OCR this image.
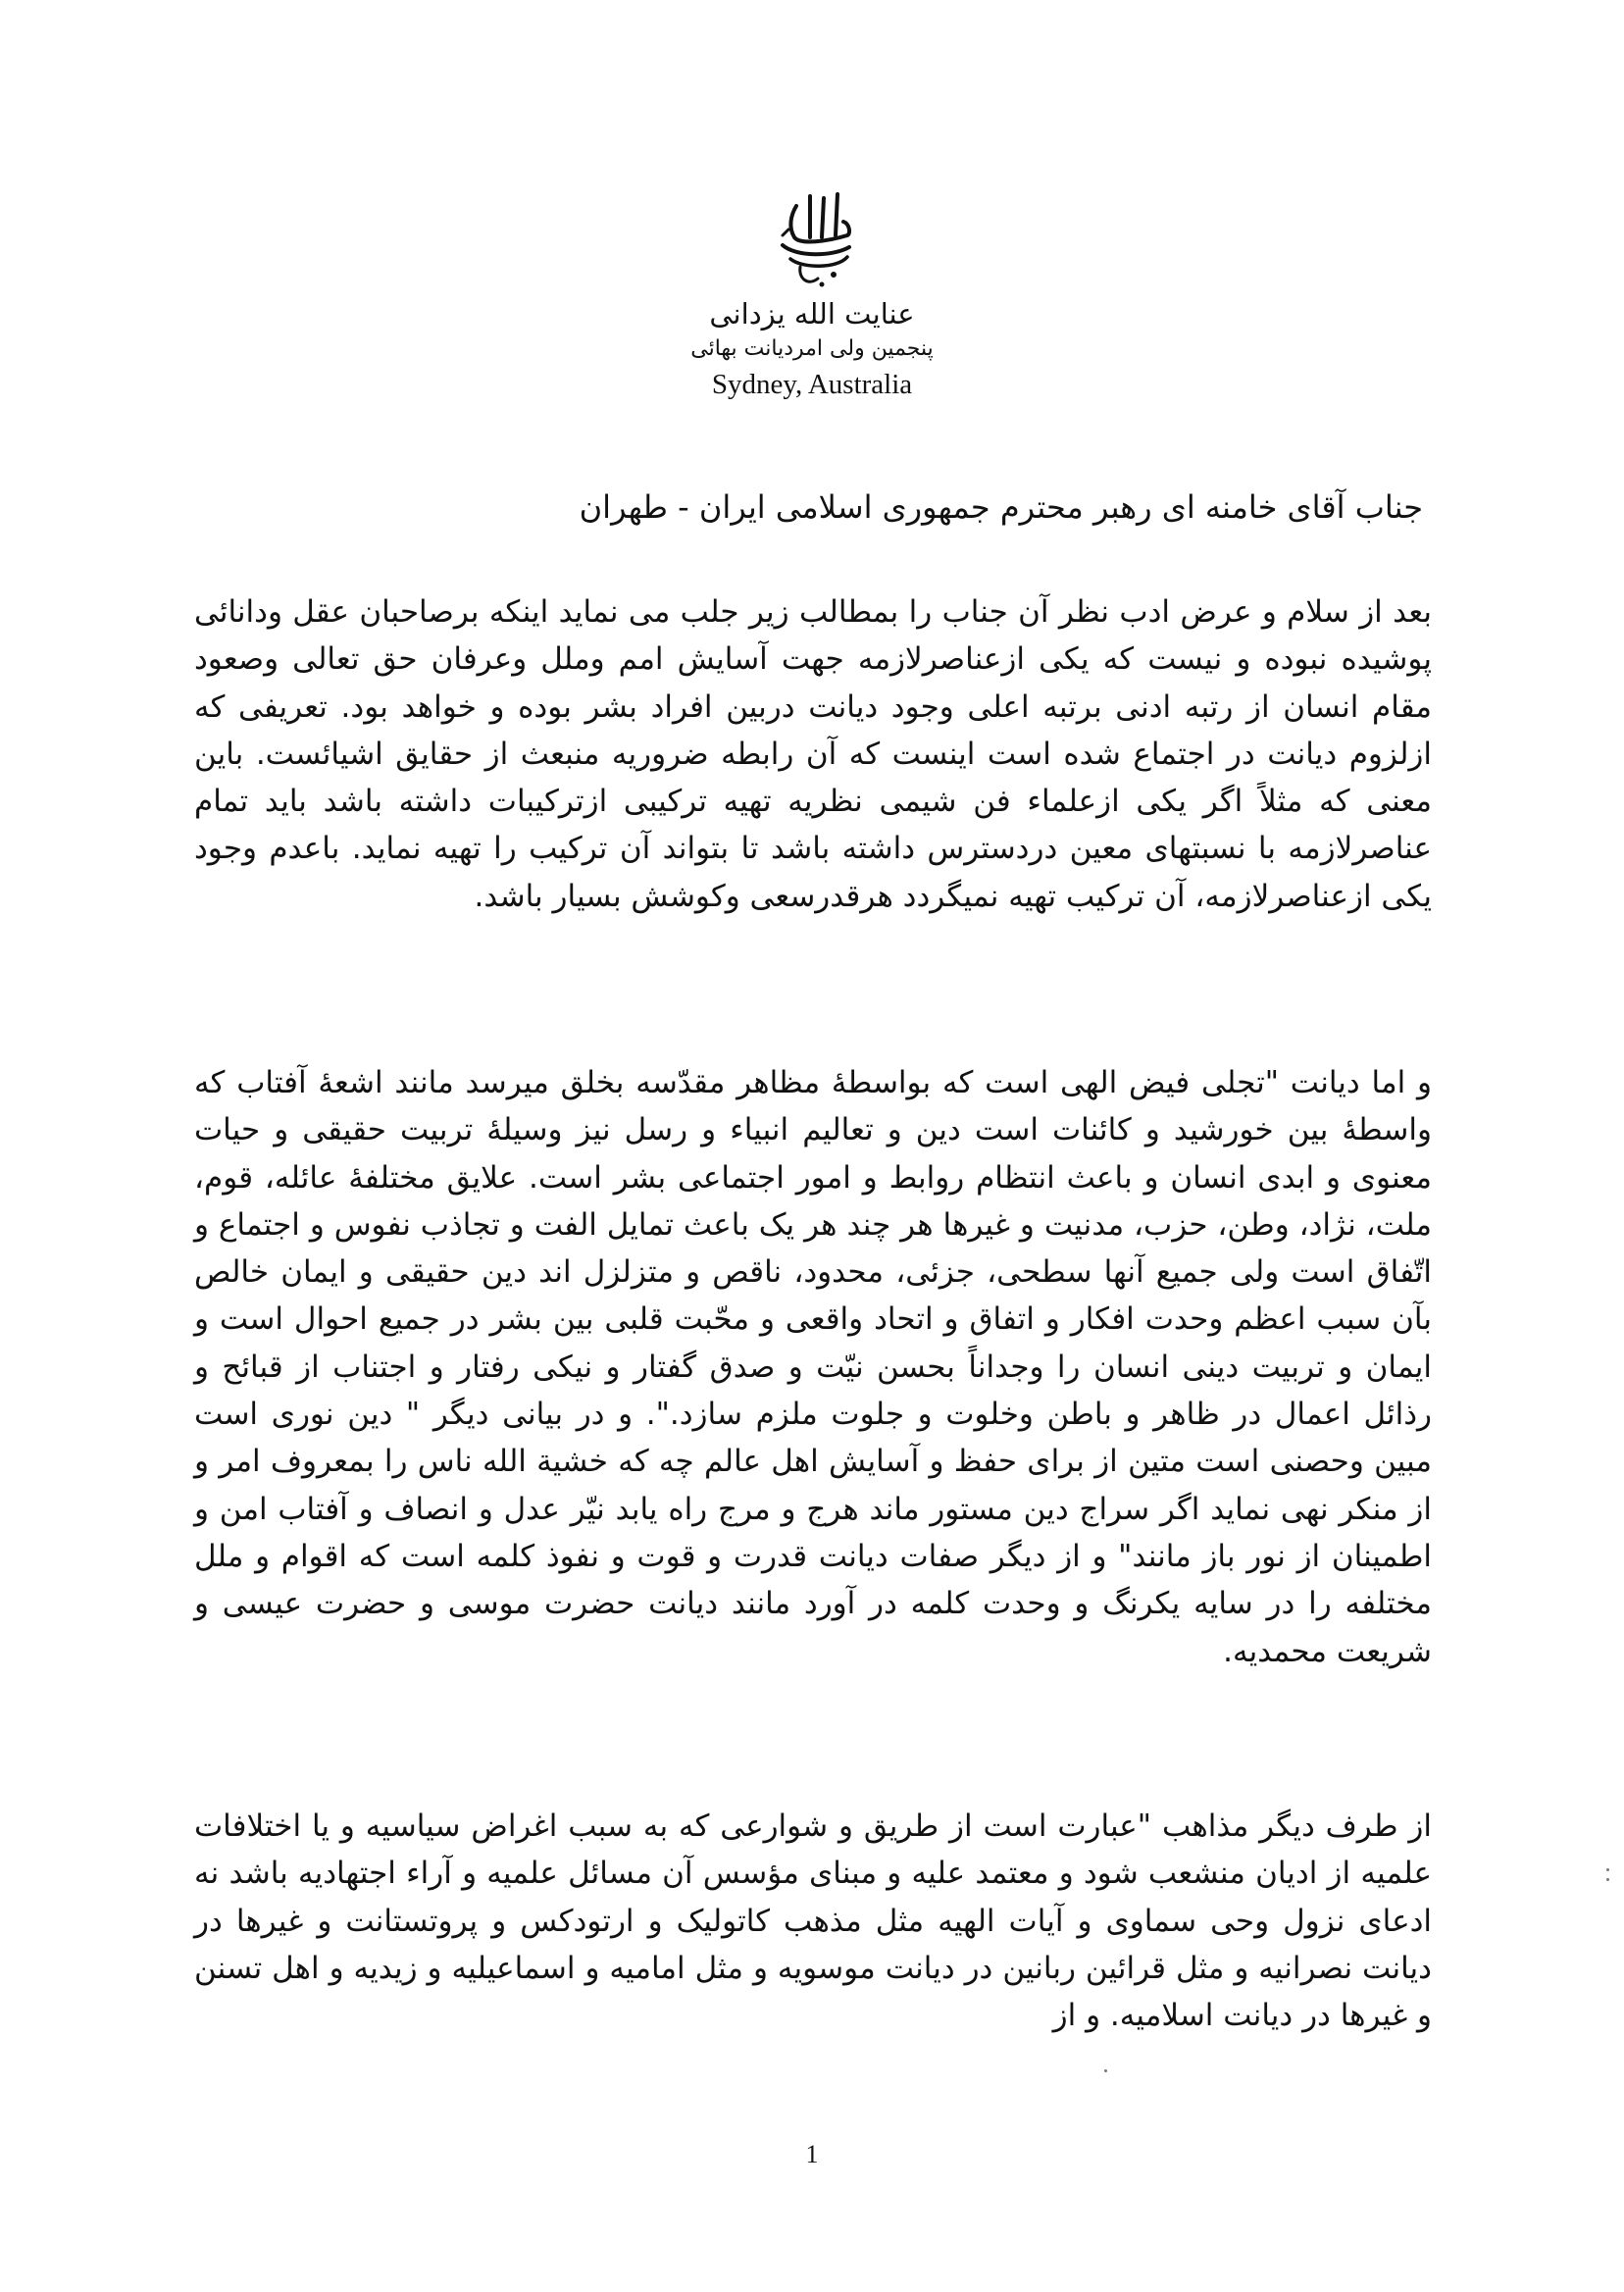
عنایت الله یزدانی
پنجمین ولی امردیانت بهائی
Sydney, Australia
جناب آقای خامنه ای رهبر محترم جمهوری اسلامی ایران - طهران

بعد از سلام و عرض ادب نظر آن جناب را بمطالب زیر جلب می نماید اینکه برصاحبان عقل ودانائی پوشیده نبوده و نیست که یکی ازعناصرلازمه جهت آسایش امم وملل وعرفان حق تعالی وصعود مقام انسان از رتبه ادنی برتبه اعلی وجود دیانت دربین افراد بشر بوده و خواهد بود. تعریفی که ازلزوم دیانت در اجتماع شده است اینست که آن رابطه ضروریه منبعث از حقایق اشیائست. باین معنی که مثلاً اگر یکی ازعلماء فن شیمی نظریه تهیه ترکیبی ازترکیبات داشته باشد باید تمام عناصرلازمه با نسبتهای معین دردسترس داشته باشد تا بتواند آن ترکیب را تهیه نماید. باعدم وجود یکی ازعناصرلازمه، آن ترکیب تهیه نمیگردد هرقدرسعی وکوشش بسیار باشد.

و اما دیانت "تجلی فیض الهی است که بواسطهٔ مظاهر مقدّسه بخلق میرسد مانند اشعهٔ آفتاب که واسطهٔ بین خورشید و کائنات است دین و تعالیم انبیاء و رسل نیز وسیلهٔ تربیت حقیقی و حیات معنوی و ابدی انسان و باعث انتظام روابط و امور اجتماعی بشر است. علایق مختلفهٔ عائله، قوم، ملت، نژاد، وطن، حزب، مدنیت و غیرها هر چند هر یک باعث تمایل الفت و تجاذب نفوس و اجتماع و اتّفاق است ولی جمیع آنها سطحی، جزئی، محدود، ناقص و متزلزل اند دین حقیقی و ایمان خالص بآن سبب اعظم وحدت افکار و اتفاق و اتحاد واقعی و محّبت قلبی بین بشر در جمیع احوال است و ایمان و تربیت دینی انسان را وجداناً بحسن نیّت و صدق گفتار و نیکی رفتار و اجتناب از قبائح و رذائل اعمال در ظاهر و باطن وخلوت و جلوت ملزم سازد.". و در بیانی دیگر " دین نوری است مبین وحصنی است متین از برای حفظ و آسایش اهل عالم چه که خشیة الله ناس را بمعروف امر و از منکر نهی نماید اگر سراج دین مستور ماند هرج و مرج راه یابد نیّر عدل و انصاف و آفتاب امن و اطمینان از نور باز مانند" و از دیگر صفات دیانت قدرت و قوت و نفوذ کلمه است که اقوام و ملل مختلفه را در سایه یکرنگ و وحدت کلمه در آورد مانند دیانت حضرت موسی و حضرت عیسی و شریعت محمدیه.

از طرف دیگر مذاهب "عبارت است از طریق و شوارعی که به سبب اغراض سیاسیه و یا اختلافات علمیه از ادیان منشعب شود و معتمد علیه و مبنای مؤسس آن مسائل علمیه و آراء اجتهادیه باشد نه ادعای نزول وحی سماوی و آیات الهیه مثل مذهب کاتولیک و ارتودکس و پروتستانت و غیرها در دیانت نصرانیه و مثل قرائین ربانین در دیانت موسویه و مثل امامیه و اسماعیلیه و زیدیه و اهل تسنن و غیرها در دیانت اسلامیه. و از

1
